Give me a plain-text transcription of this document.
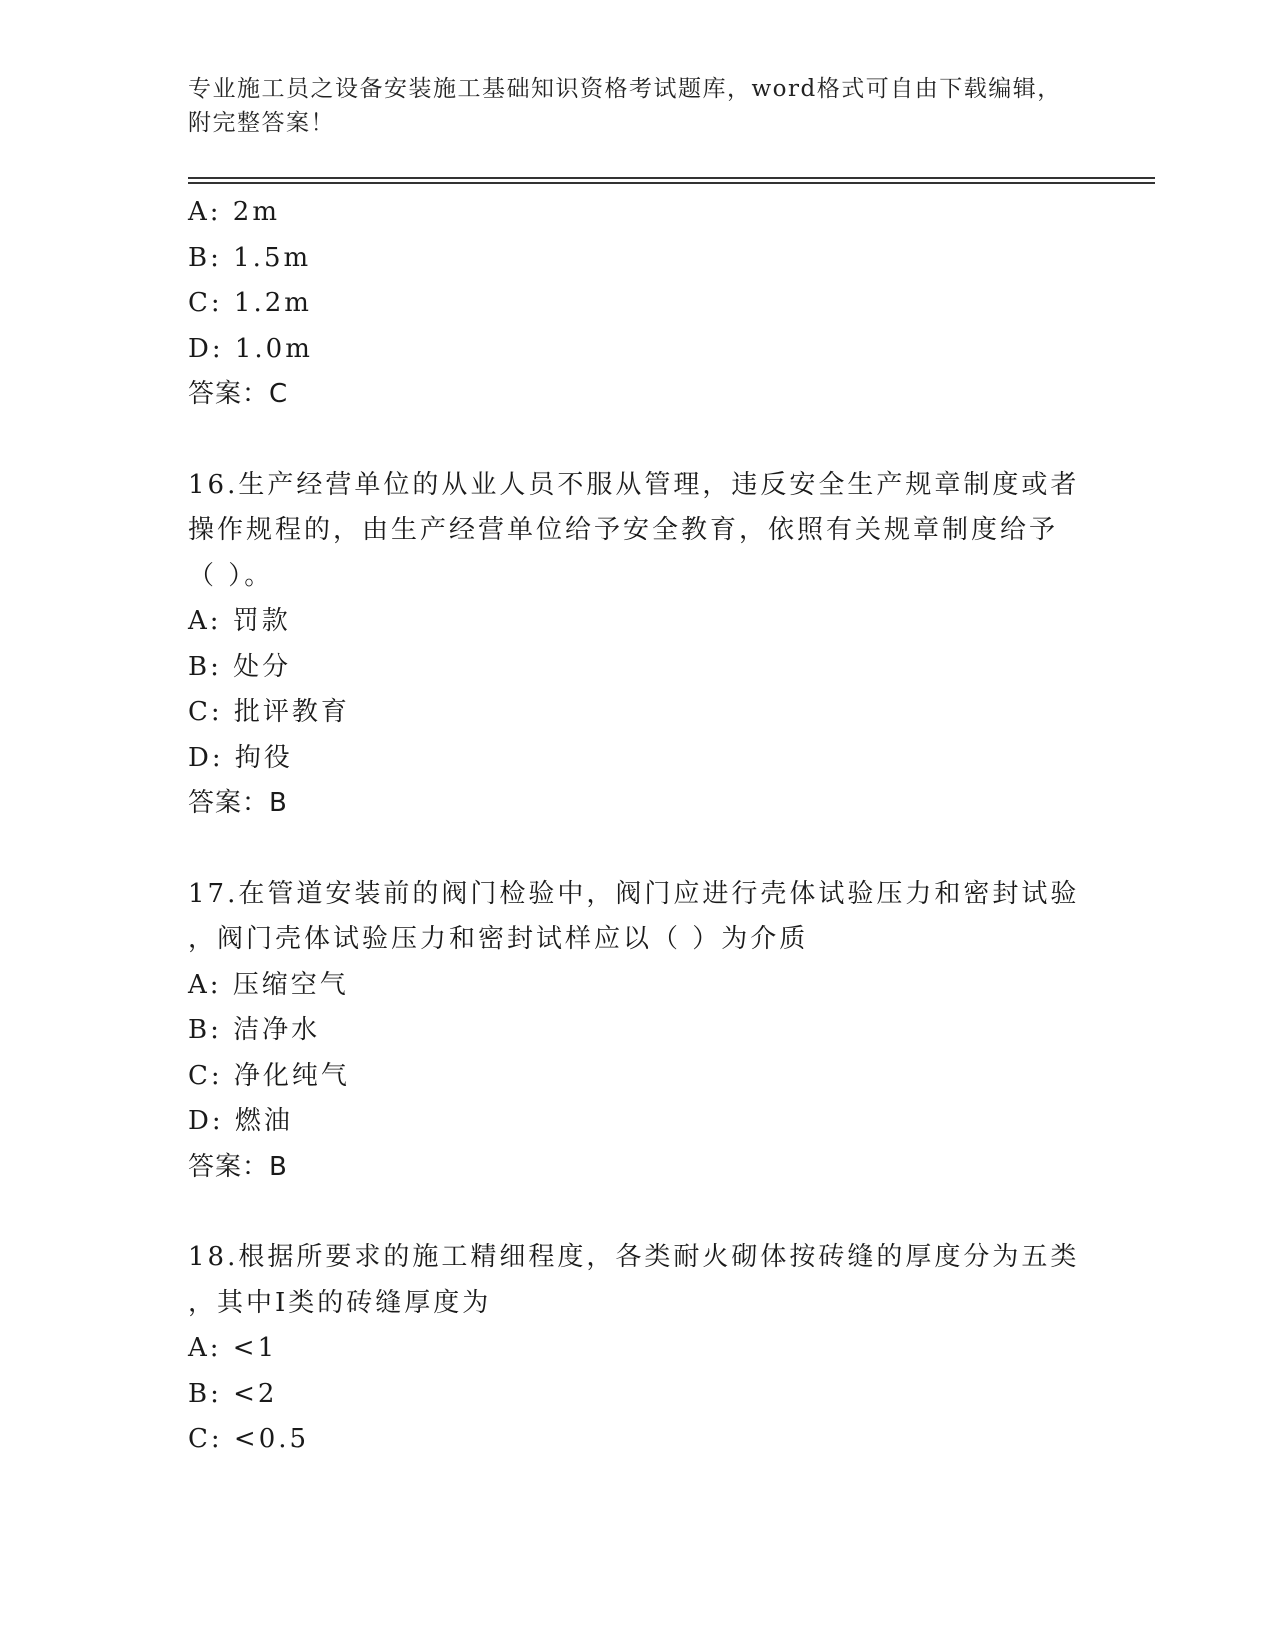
专业施工员之设备安装施工基础知识资格考试题库，word格式可自由下载编辑，
附完整答案！
A: 2m
B: 1.5m
C: 1.2m
D: 1.0m
答案：C
16.生产经营单位的从业人员不服从管理，违反安全生产规章制度或者
操作规程的，由生产经营单位给予安全教育，依照有关规章制度给予
（ ）。
A: 罚款
B: 处分
C: 批评教育
D: 拘役
答案：B
17.在管道安装前的阀门检验中，阀门应进行壳体试验压力和密封试验
，阀门壳体试验压力和密封试样应以（ ）为介质
A: 压缩空气
B: 洁净水
C: 净化纯气
D: 燃油
答案：B
18.根据所要求的施工精细程度，各类耐火砌体按砖缝的厚度分为五类
，其中Ⅰ类的砖缝厚度为
A: <1
B: <2
C: <0.5
